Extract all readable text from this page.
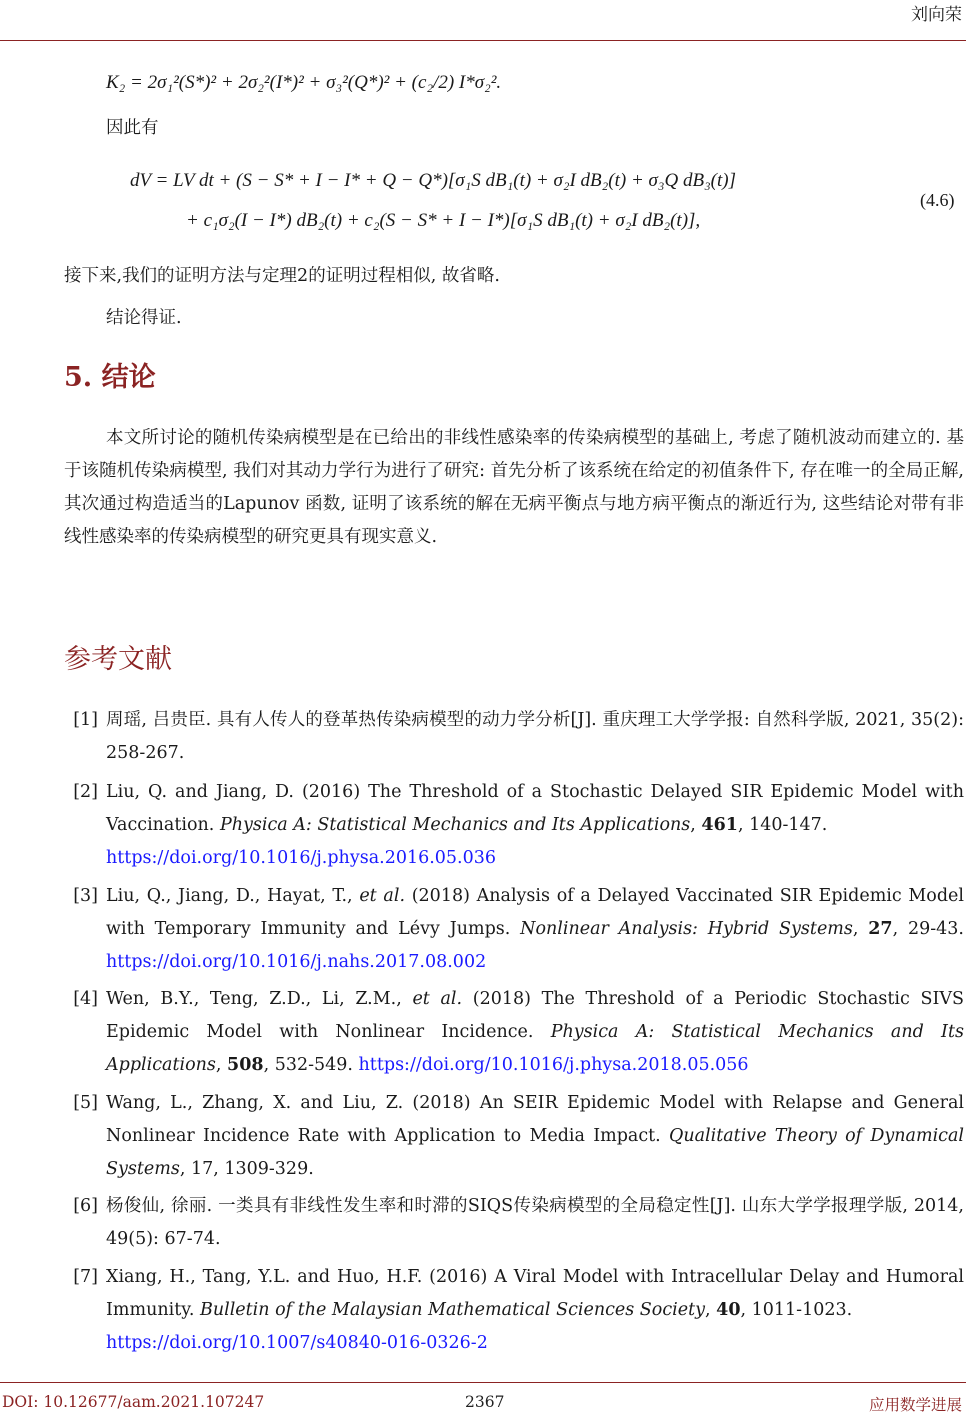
刘向荣
K₂ = 2σ₁²(S*)² + 2σ₂²(I*)² + σ₃²(Q*)² + (c₂/2) I*σ₂².
因此有
dV = LV dt + (S − S* + I − I* + Q − Q*)[σ₁S dB₁(t) + σ₂I dB₂(t) + σ₃Q dB₃(t)]
+ c₁σ₂(I − I*) dB₂(t) + c₂(S − S* + I − I*)[σ₁S dB₁(t) + σ₂I dB₂(t)],
(4.6)
接下来,我们的证明方法与定理2的证明过程相似, 故省略.
结论得证.
5. 结论
本文所讨论的随机传染病模型是在已给出的非线性感染率的传染病模型的基础上, 考虑了随机波动而建立的. 基于该随机传染病模型, 我们对其动力学行为进行了研究: 首先分析了该系统在给定的初值条件下, 存在唯一的全局正解, 其次通过构造适当的Lapunov 函数, 证明了该系统的解在无病平衡点与地方病平衡点的渐近行为, 这些结论对带有非线性感染率的传染病模型的研究更具有现实意义.
参考文献
[1] 周瑶, 吕贵臣. 具有人传人的登革热传染病模型的动力学分析[J]. 重庆理工大学学报: 自然科学版, 2021, 35(2): 258-267.
[2] Liu, Q. and Jiang, D. (2016) The Threshold of a Stochastic Delayed SIR Epidemic Model with Vaccination. Physica A: Statistical Mechanics and Its Applications, 461, 140-147.
https://doi.org/10.1016/j.physa.2016.05.036
[3] Liu, Q., Jiang, D., Hayat, T., et al. (2018) Analysis of a Delayed Vaccinated SIR Epidemic Model with Temporary Immunity and Lévy Jumps. Nonlinear Analysis: Hybrid Systems, 27, 29-43. https://doi.org/10.1016/j.nahs.2017.08.002
[4] Wen, B.Y., Teng, Z.D., Li, Z.M., et al. (2018) The Threshold of a Periodic Stochastic SIVS Epidemic Model with Nonlinear Incidence. Physica A: Statistical Mechanics and Its Applications, 508, 532-549. https://doi.org/10.1016/j.physa.2018.05.056
[5] Wang, L., Zhang, X. and Liu, Z. (2018) An SEIR Epidemic Model with Relapse and General Nonlinear Incidence Rate with Application to Media Impact. Qualitative Theory of Dynamical Systems, 17, 1309-329.
[6] 杨俊仙, 徐丽. 一类具有非线性发生率和时滞的SIQS传染病模型的全局稳定性[J]. 山东大学学报理学版, 2014, 49(5): 67-74.
[7] Xiang, H., Tang, Y.L. and Huo, H.F. (2016) A Viral Model with Intracellular Delay and Humoral Immunity. Bulletin of the Malaysian Mathematical Sciences Society, 40, 1011-1023.
https://doi.org/10.1007/s40840-016-0326-2
DOI: 10.12677/aam.2021.107247	2367	应用数学进展
